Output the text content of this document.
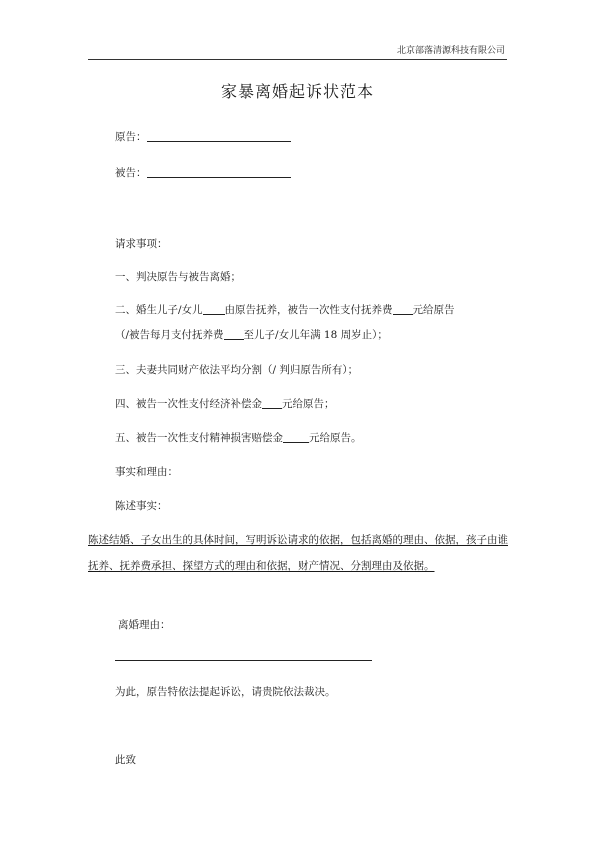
北京部落清源科技有限公司
家暴离婚起诉状范本
原告：
被告：
请求事项：
一、判决原告与被告离婚；
二、婚生儿子/女儿 由原告抚养，被告一次性支付抚养费 元给原告
（/被告每月支付抚养费 至儿子/女儿年满 18 周岁止）；
三、夫妻共同财产依法平均分割（/ 判归原告所有）；
四、被告一次性支付经济补偿金 元给原告；
五、被告一次性支付精神损害赔偿金 元给原告。
事实和理由：
陈述事实：
陈述结婚、子女出生的具体时间，写明诉讼请求的依据，包括离婚的理由、依据，孩子由谁抚养、抚养费承担、探望方式的理由和依据，财产情况、分割理由及依据。
离婚理由：
为此，原告特依法提起诉讼，请贵院依法裁决。
此致
